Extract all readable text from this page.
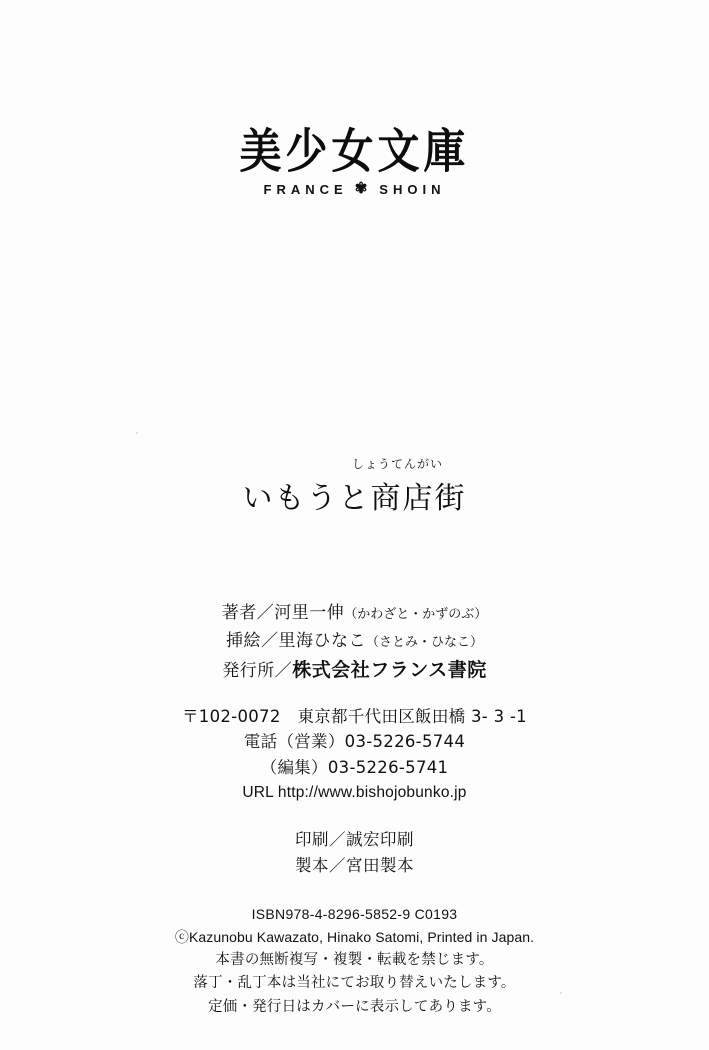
美少女文庫
FRANCE ✾ SHOIN
しょうてんがい
いもうと商店街
著者／河里一伸（かわざと・かずのぶ）
挿絵／里海ひなこ（さとみ・ひなこ）
発行所／株式会社フランス書院
〒102-0072　東京都千代田区飯田橋 3- 3 -1
電話（営業）03-5226-5744
（編集）03-5226-5741
URL http://www.bishojobunko.jp
印刷／誠宏印刷
製本／宮田製本
ISBN978-4-8296-5852-9 C0193
ⓒKazunobu Kawazato, Hinako Satomi, Printed in Japan.
本書の無断複写・複製・転載を禁じます。
落丁・乱丁本は当社にてお取り替えいたします。
定価・発行日はカバーに表示してあります。
